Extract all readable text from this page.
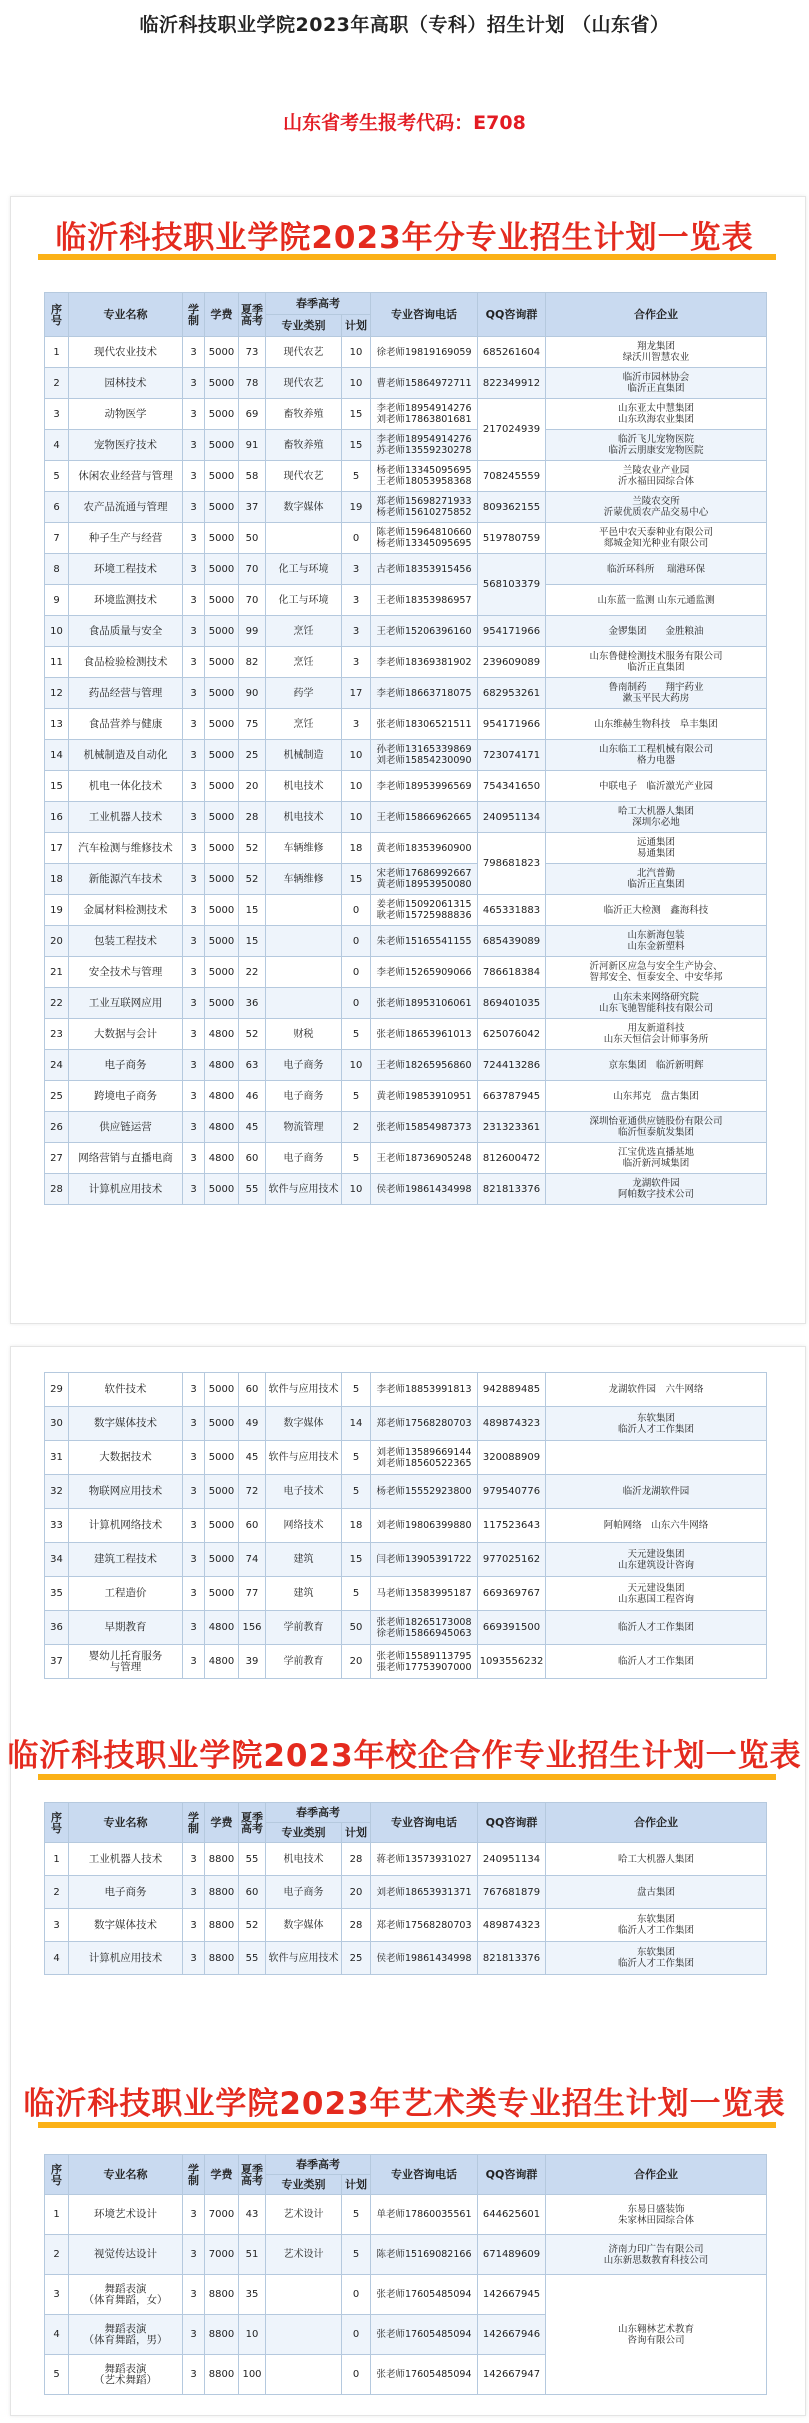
临沂科技职业学院2023年高职（专科）招生计划 （山东省）
山东省考生报考代码：E708
临沂科技职业学院2023年分专业招生计划一览表
序号	专业名称	学制	学费	夏季高考	春季高考		专业咨询电话	QQ咨询群	合作企业
					专业类别	计划			
1	现代农业技术	3	5000	73	现代农艺	10	徐老师19819169059	685261604	翔龙集团
绿沃川智慧农业
2	园林技术	3	5000	78	现代农艺	10	曹老师15864972711	822349912	临沂市园林协会
临沂正直集团
3	动物医学	3	5000	69	畜牧养殖	15	李老师18954914276
刘老师17863801681	217024939	山东亚太中慧集团
山东玖海农业集团
4	宠物医疗技术	3	5000	91	畜牧养殖	15	李老师18954914276
苏老师13559230278		临沂飞儿宠物医院
临沂云朋康安宠物医院
5	休闲农业经营与管理	3	5000	58	现代农艺	5	杨老师13345095695
王老师18053958368	708245559	兰陵农业产业园
沂水福田园综合体
6	农产品流通与管理	3	5000	37	数字媒体	19	郑老师15698271933
杨老师15610275852	809362155	兰陵农交所
沂蒙优质农产品交易中心
7	种子生产与经营	3	5000	50		0	陈老师15964810660
杨老师13345095695	519780759	平邑中农天泰种业有限公司
郯城金知光种业有限公司
8	环境工程技术	3	5000	70	化工与环境	3	古老师18353915456	568103379	临沂环科所 　瑞港环保
9	环境监测技术	3	5000	70	化工与环境	3	王老师18353986957		山东蓝一监测 山东元通监测
10	食品质量与安全	3	5000	99	烹饪	3	王老师15206396160	954171966	金锣集团　　金胜粮油
11	食品检验检测技术	3	5000	82	烹饪	3	李老师18369381902	239609089	山东鲁健检测技术服务有限公司
临沂正直集团
12	药品经营与管理	3	5000	90	药学	17	李老师18663718075	682953261	鲁南制药　　翔宇药业
漱玉平民大药房
13	食品营养与健康	3	5000	75	烹饪	3	张老师18306521511	954171966	山东维赫生物科技　阜丰集团
14	机械制造及自动化	3	5000	25	机械制造	10	孙老师13165339869
刘老师15854230090	723074171	山东临工工程机械有限公司
格力电器
15	机电一体化技术	3	5000	20	机电技术	10	李老师18953996569	754341650	中联电子　临沂激光产业园
16	工业机器人技术	3	5000	28	机电技术	10	王老师15866962665	240951134	哈工大机器人集团
深圳尔必地
17	汽车检测与维修技术	3	5000	52	车辆维修	18	黄老师18353960900	798681823	远通集团
易通集团
18	新能源汽车技术	3	5000	52	车辆维修	15	宋老师17686992667
黄老师18953950080		北汽普勤
临沂正直集团
19	金属材料检测技术	3	5000	15		0	姜老师15092061315
耿老师15725988836	465331883	临沂正大检测　鑫海科技
20	包装工程技术	3	5000	15		0	朱老师15165541155	685439089	山东新海包装
山东金新塑料
21	安全技术与管理	3	5000	22		0	李老师15265909066	786618384	沂河新区应急与安全生产协会、
智邦安全、恒泰安全、中安华邦
22	工业互联网应用	3	5000	36		0	张老师18953106061	869401035	山东未来网络研究院
山东飞驰智能科技有限公司
23	大数据与会计	3	4800	52	财税	5	张老师18653961013	625076042	用友新道科技
山东天恒信会计师事务所
24	电子商务	3	4800	63	电子商务	10	王老师18265956860	724413286	京东集团　临沂新明辉
25	跨境电子商务	3	4800	46	电子商务	5	黄老师19853910951	663787945	山东邦克　盘古集团
26	供应链运营	3	4800	45	物流管理	2	张老师15854987373	231323361	深圳怡亚通供应链股份有限公司
临沂恒泰航发集团
27	网络营销与直播电商	3	4800	60	电子商务	5	王老师18736905248	812600472	江宝优选直播基地
临沂新河城集团
28	计算机应用技术	3	5000	55	软件与应用技术	10	侯老师19861434998	821813376	龙湖软件园
阿帕数字技术公司
29	软件技术	3	5000	60	软件与应用技术	5	李老师18853991813	942889485	龙湖软件园　六牛网络
30	数字媒体技术	3	5000	49	数字媒体	14	郑老师17568280703	489874323	东软集团
临沂人才工作集团
31	大数据技术	3	5000	45	软件与应用技术	5	刘老师13589669144
刘老师18560522365	320088909	
32	物联网应用技术	3	5000	72	电子技术	5	杨老师15552923800	979540776	临沂龙湖软件园
33	计算机网络技术	3	5000	60	网络技术	18	刘老师19806399880	117523643	阿帕网络　山东六牛网络
34	建筑工程技术	3	5000	74	建筑	15	闫老师13905391722	977025162	天元建设集团
山东建筑设计咨询
35	工程造价	3	5000	77	建筑	5	马老师13583995187	669369767	天元建设集团
山东惠国工程咨询
36	早期教育	3	4800	156	学前教育	50	张老师18265173008
徐老师15866945063	669391500	临沂人才工作集团
37	婴幼儿托育服务
与管理	3	4800	39	学前教育	20	张老师15589113795
張老师17753907000	1093556232	临沂人才工作集团
临沂科技职业学院2023年校企合作专业招生计划一览表
序号	专业名称	学制	学费	夏季高考	春季高考		专业咨询电话	QQ咨询群	合作企业
					专业类别	计划			
1	工业机器人技术	3	8800	55	机电技术	28	蒋老师13573931027	240951134	哈工大机器人集团
2	电子商务	3	8800	60	电子商务	20	刘老师18653931371	767681879	盘古集团
3	数字媒体技术	3	8800	52	数字媒体	28	郑老师17568280703	489874323	东软集团
临沂人才工作集团
4	计算机应用技术	3	8800	55	软件与应用技术	25	侯老师19861434998	821813376	东软集团
临沂人才工作集团
临沂科技职业学院2023年艺术类专业招生计划一览表
序号	专业名称	学制	学费	夏季高考	春季高考		专业咨询电话	QQ咨询群	合作企业
					专业类别	计划			
1	环境艺术设计	3	7000	43	艺术设计	5	单老师17860035561	644625601	东易日盛装饰
朱家林田园综合体
2	视觉传达设计	3	7000	51	艺术设计	5	陈老师15169082166	671489609	济南力印广告有限公司
山东新思数教育科技公司
3	舞蹈表演
（体育舞蹈，女）	3	8800	35		0	张老师17605485094	142667945	山东翱林艺术教育
咨询有限公司
4	舞蹈表演
（体育舞蹈，男）	3	8800	10		0	张老师17605485094	142667946	
5	舞蹈表演
（艺术舞蹈）	3	8800	100		0	张老师17605485094	142667947	
